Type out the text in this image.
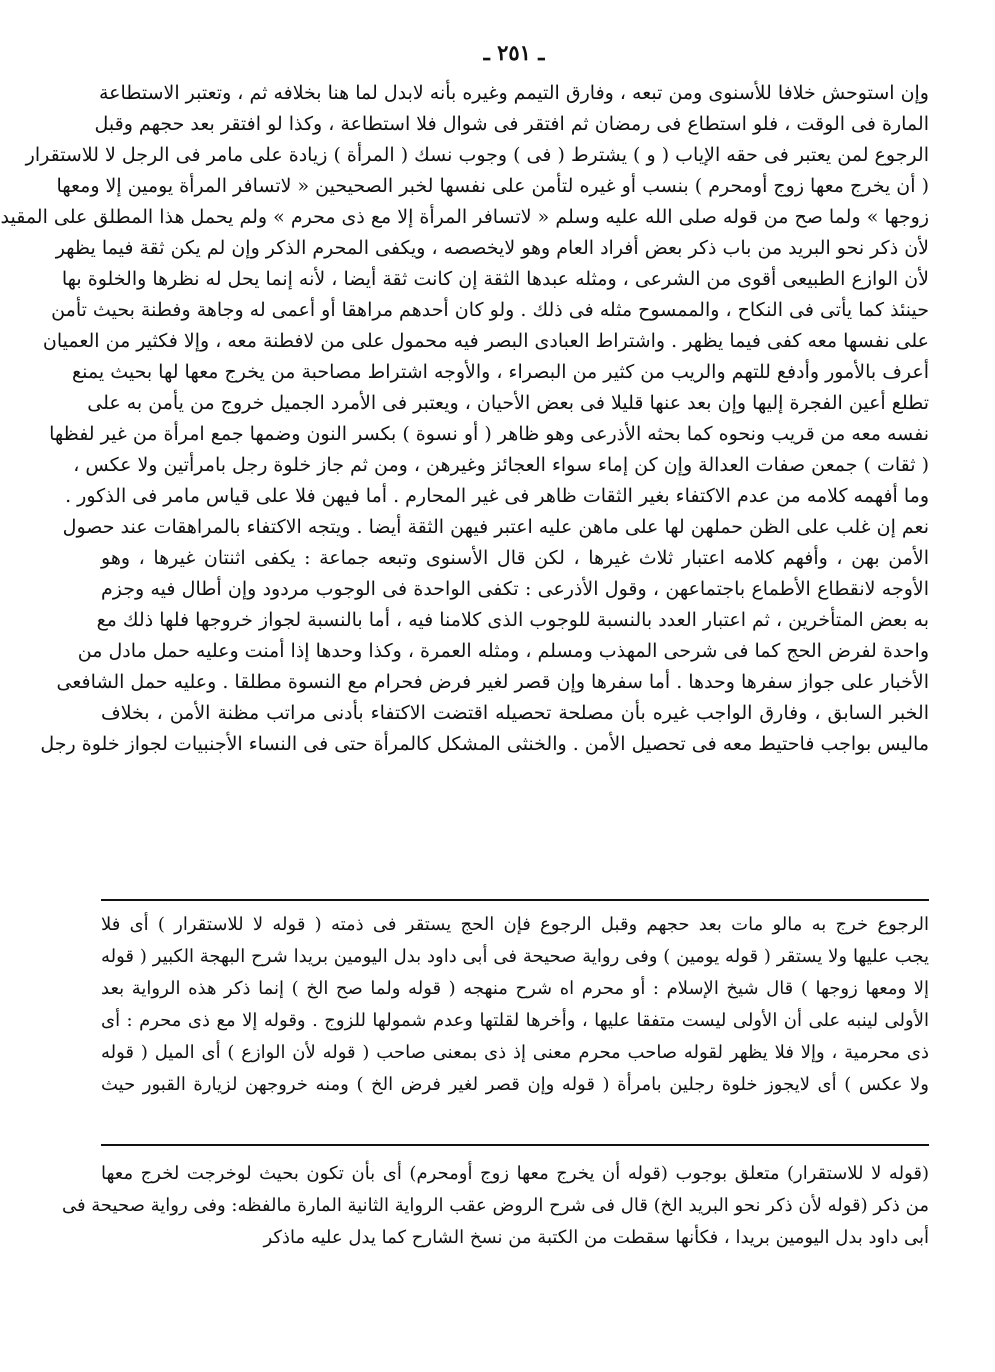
ـ ٢٥١ ـ
وإن استوحش خلافا للأسنوى ومن تبعه ، وفارق التيمم وغيره بأنه لابدل لما هنا بخلافه ثم ، وتعتبر الاستطاعة
المارة فى الوقت ، فلو استطاع فى رمضان ثم افتقر فى شوال فلا استطاعة ، وكذا لو افتقر بعد حجهم وقبل
الرجوع لمن يعتبر فى حقه الإياب ( و ) يشترط ( فى ) وجوب نسك ( المرأة ) زيادة على مامر فى الرجل لا للاستقرار
( أن يخرج معها زوج أومحرم ) بنسب أو غيره لتأمن على نفسها لخبر الصحيحين « لاتسافر المرأة يومين إلا ومعها
زوجها » ولما صح من قوله صلى الله عليه وسلم « لاتسافر المرأة إلا مع ذى محرم » ولم يحمل هذا المطلق على المقيد
لأن ذكر نحو البريد من باب ذكر بعض أفراد العام وهو لايخصصه ، ويكفى المحرم الذكر وإن لم يكن ثقة فيما يظهر
لأن الوازع الطبيعى أقوى من الشرعى ، ومثله عبدها الثقة إن كانت ثقة أيضا ، لأنه إنما يحل له نظرها والخلوة بها
حينئذ كما يأتى فى النكاح ، والممسوح مثله فى ذلك . ولو كان أحدهم مراهقا أو أعمى له وجاهة وفطنة بحيث تأمن
على نفسها معه كفى فيما يظهر . واشتراط العبادى البصر فيه محمول على من لافطنة معه ، وإلا فكثير من العميان
أعرف بالأمور وأدفع للتهم والريب من كثير من البصراء ، والأوجه اشتراط مصاحبة من يخرج معها لها بحيث يمنع
تطلع أعين الفجرة إليها وإن بعد عنها قليلا فى بعض الأحيان ، ويعتبر فى الأمرد الجميل خروج من يأمن به على
نفسه معه من قريب ونحوه كما بحثه الأذرعى وهو ظاهر ( أو نسوة ) بكسر النون وضمها جمع امرأة من غير لفظها
( ثقات ) جمعن صفات العدالة وإن كن إماء سواء العجائز وغيرهن ، ومن ثم جاز خلوة رجل بامرأتين ولا عكس ،
وما أفهمه كلامه من عدم الاكتفاء بغير الثقات ظاهر فى غير المحارم . أما فيهن فلا على قياس مامر فى الذكور .
نعم إن غلب على الظن حملهن لها على ماهن عليه اعتبر فيهن الثقة أيضا . ويتجه الاكتفاء بالمراهقات عند حصول
الأمن بهن ، وأفهم كلامه اعتبار ثلاث غيرها ، لكن قال الأسنوى وتبعه جماعة : يكفى اثنتان غيرها ، وهو
الأوجه لانقطاع الأطماع باجتماعهن ، وقول الأذرعى : تكفى الواحدة فى الوجوب مردود وإن أطال فيه وجزم
به بعض المتأخرين ، ثم اعتبار العدد بالنسبة للوجوب الذى كلامنا فيه ، أما بالنسبة لجواز خروجها فلها ذلك مع
واحدة لفرض الحج كما فى شرحى المهذب ومسلم ، ومثله العمرة ، وكذا وحدها إذا أمنت وعليه حمل مادل من
الأخبار على جواز سفرها وحدها . أما سفرها وإن قصر لغير فرض فحرام مع النسوة مطلقا . وعليه حمل الشافعى
الخبر السابق ، وفارق الواجب غيره بأن مصلحة تحصيله اقتضت الاكتفاء بأدنى مراتب مظنة الأمن ، بخلاف
ماليس بواجب فاحتيط معه فى تحصيل الأمن . والخنثى المشكل كالمرأة حتى فى النساء الأجنبيات لجواز خلوة رجل
الرجوع خرج به مالو مات بعد حجهم وقبل الرجوع فإن الحج يستقر فى ذمته ( قوله لا للاستقرار ) أى فلا
يجب عليها ولا يستقر ( قوله يومين ) وفى رواية صحيحة فى أبى داود بدل اليومين بريدا شرح البهجة الكبير ( قوله
إلا ومعها زوجها ) قال شيخ الإسلام : أو محرم اه شرح منهجه ( قوله ولما صح الخ ) إنما ذكر هذه الرواية بعد
الأولى لينبه على أن الأولى ليست متفقا عليها ، وأخرها لقلتها وعدم شمولها للزوج . وقوله إلا مع ذى محرم : أى
ذى محرمية ، وإلا فلا يظهر لقوله صاحب محرم معنى إذ ذى بمعنى صاحب ( قوله لأن الوازع ) أى الميل ( قوله
ولا عكس ) أى لايجوز خلوة رجلين بامرأة ( قوله وإن قصر لغير فرض الخ ) ومنه خروجهن لزيارة القبور حيث
(قوله لا للاستقرار) متعلق بوجوب (قوله أن يخرج معها زوج أومحرم) أى بأن تكون بحيث لوخرجت لخرج معها
من ذكر (قوله لأن ذكر نحو البريد الخ) قال فى شرح الروض عقب الرواية الثانية المارة مالفظه: وفى رواية صحيحة فى
أبى داود بدل اليومين بريدا ، فكأنها سقطت من الكتبة من نسخ الشارح كما يدل عليه ماذكر
